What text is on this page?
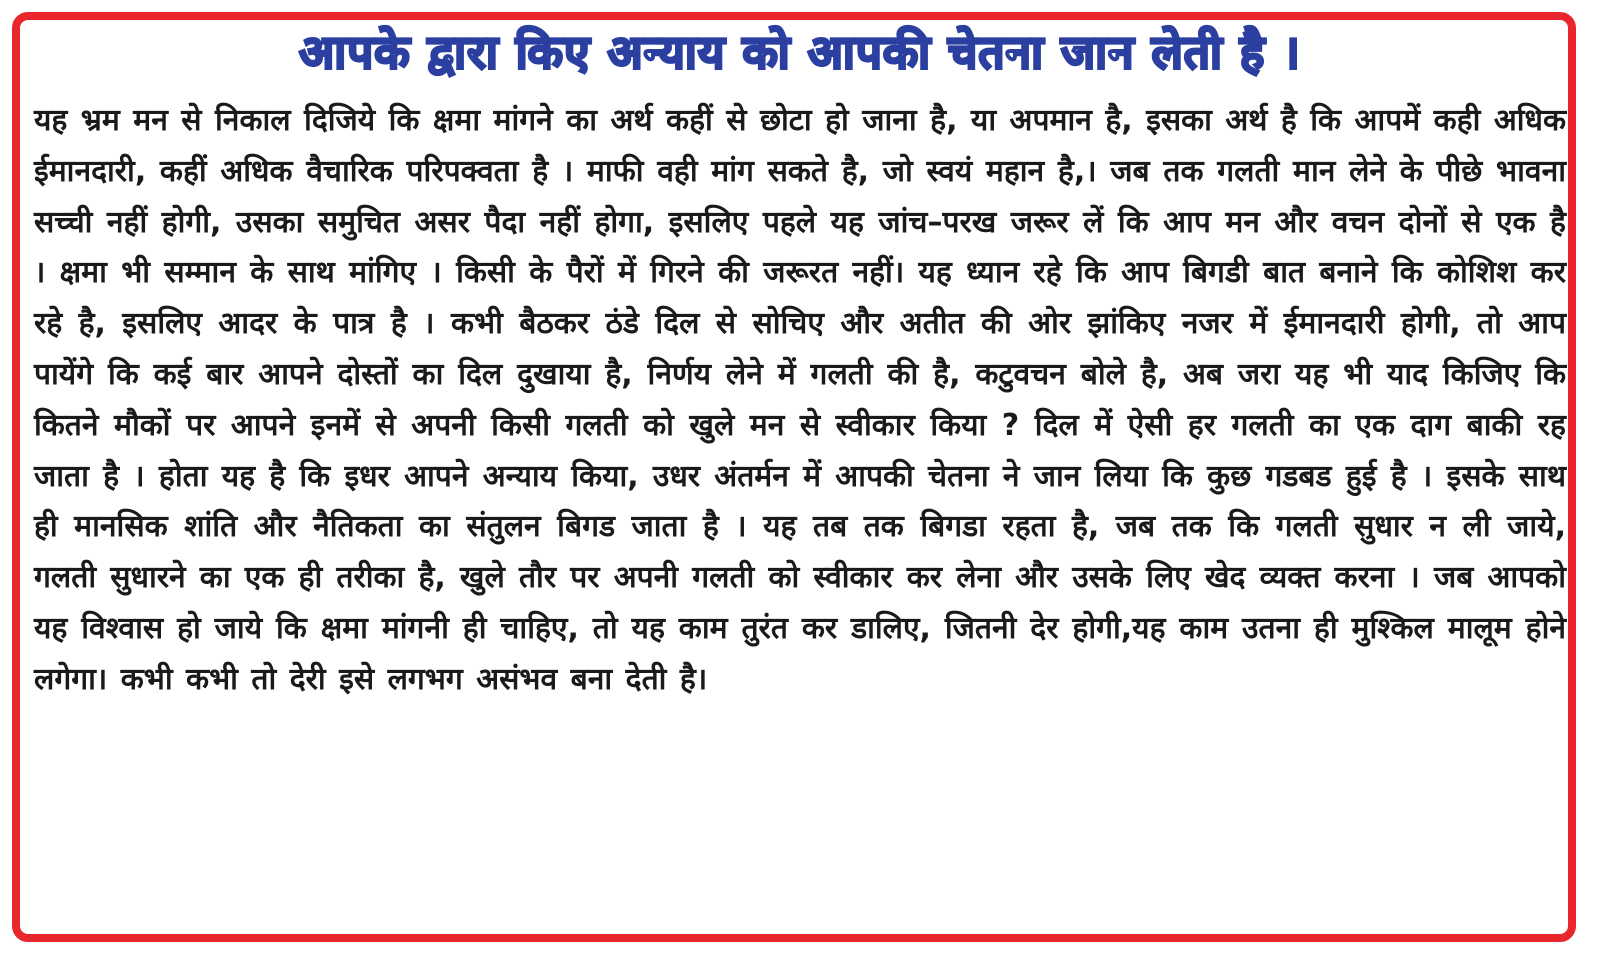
आपके द्वारा किए अन्याय को आपकी चेतना जान लेती है ।

यह भ्रम मन से निकाल दिजिये कि क्षमा मांगने का अर्थ कहीं से छोटा हो जाना है, या अपमान है, इसका अर्थ है कि आपमें कही अधिक ईमानदारी, कहीं अधिक वैचारिक परिपक्वता है । माफी वही मांग सकते है, जो स्वयं महान है,। जब तक गलती मान लेने के पीछे भावना सच्ची नहीं होगी, उसका समुचित असर पैदा नहीं होगा, इसलिए पहले यह जांच–परख जरूर लें कि आप मन और वचन दोनों से एक है । क्षमा भी सम्मान के साथ मांगिए । किसी के पैरों में गिरने की जरूरत नहीं। यह ध्यान रहे कि आप बिगडी बात बनाने कि कोशिश कर रहे है, इसलिए आदर के पात्र है । कभी बैठकर ठंडे दिल से सोचिए और अतीत की ओर झांकिए नजर में ईमानदारी होगी, तो आप पायेंगे कि कई बार आपने दोस्तों का दिल दुखाया है, निर्णय लेने में गलती की है, कटुवचन बोले है, अब जरा यह भी याद किजिए कि कितने मौकों पर आपने इनमें से अपनी किसी गलती को खुले मन से स्वीकार किया ? दिल में ऐसी हर गलती का एक दाग बाकी रह जाता है । होता यह है कि इधर आपने अन्याय किया, उधर अंतर्मन में आपकी चेतना ने जान लिया कि कुछ गडबड हुई है । इसके साथ ही मानसिक शांति और नैतिकता का संतुलन बिगड जाता है । यह तब तक बिगडा रहता है, जब तक कि गलती सुधार न ली जाये, गलती सुधारने का एक ही तरीका है, खुले तौर पर अपनी गलती को स्वीकार कर लेना और उसके लिए खेद व्यक्त करना । जब आपको यह विश्वास हो जाये कि क्षमा मांगनी ही चाहिए, तो यह काम तुरंत कर डालिए, जितनी देर होगी,यह काम उतना ही मुश्किल मालूम होने लगेगा। कभी कभी तो देरी इसे लगभग असंभव बना देती है।
